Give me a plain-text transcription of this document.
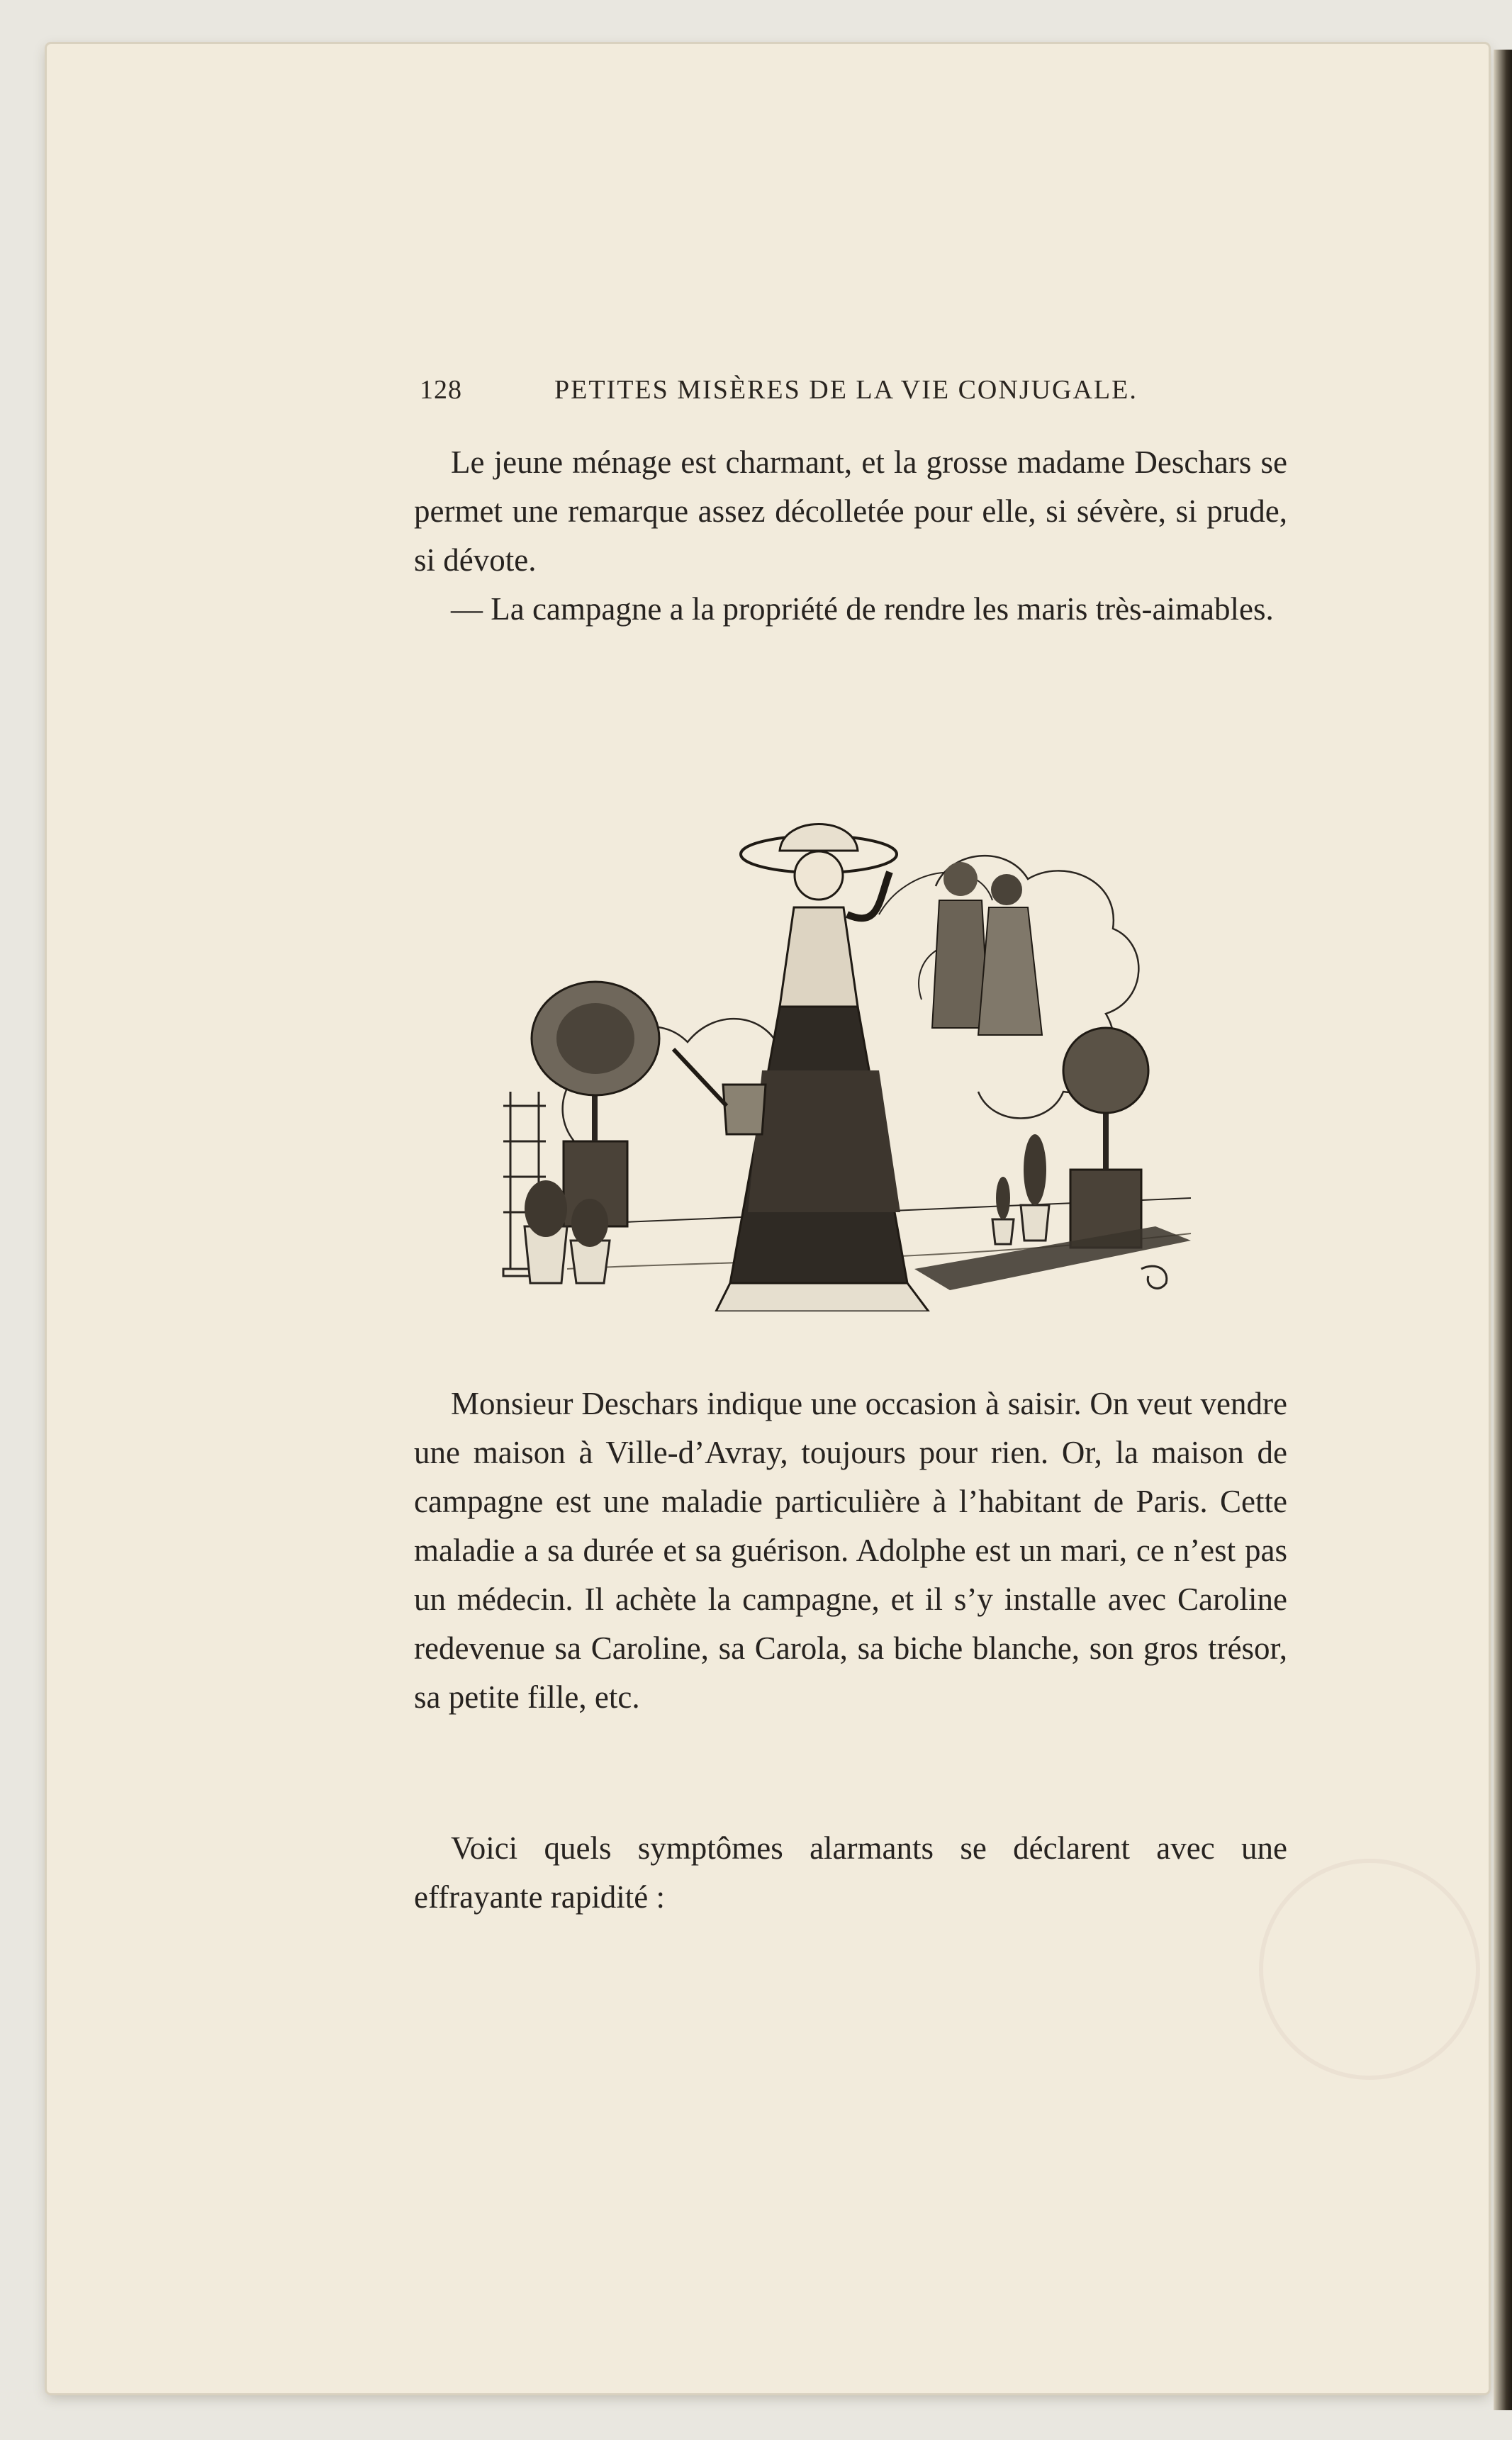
128	PETITES MISÈRES DE LA VIE CONJUGALE.

Le jeune ménage est charmant, et la grosse madame Deschars se permet une remarque assez décolletée pour elle, si sévère, si prude, si dévote.

— La campagne a la propriété de rendre les maris très-aimables.

Monsieur Deschars indique une occasion à saisir. On veut vendre une maison à Ville-d’Avray, toujours pour rien. Or, la maison de campagne est une maladie particulière à l’habitant de Paris. Cette maladie a sa durée et sa guérison. Adolphe est un mari, ce n’est pas un médecin. Il achète la campagne, et il s’y installe avec Caroline redevenue sa Caroline, sa Carola, sa biche blanche, son gros trésor, sa petite fille, etc.

Voici quels symptômes alarmants se déclarent avec une effrayante rapidité :
